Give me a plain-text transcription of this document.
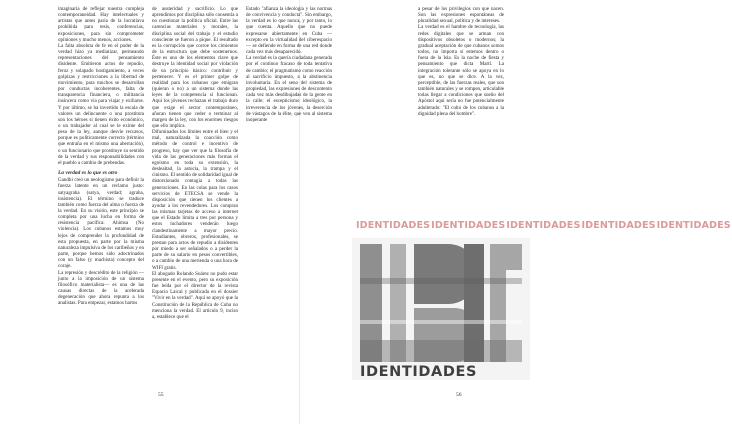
imaginaria de reflejar nuestra compleja contemporaneidad. Hay intelectuales y artistas que antes paria de la lucratiava prohibida para tesis, conferencias, exposiciones, para sin comprometer opiniones y mucho menos, acciones.

La falta absoluta de fe en el poder de la verdad hizo ya mediatizar, permeando representaciones del pensamiento disidente. Emitieron actos de repudio, feroz y solapado hostigamiento, a veces golpizas y restricciones a la libertad de movimiento, para muchos se desarrollan por conductas incoherentes, falta de transparencia financiera, o militancia insincera como vía para viajar y exiliarse. Y por último, se ha invertido la escala de valores un delincuente o una prostituta son los héroes si tienen éxito económico, o un trabajador al cual se le exime del peso de la ley, aunque desvíe recursos, porque es políticamente correcto (término que entraña en el mismo una aberración), o un funcionario que prostituye su sentido de la verdad y sus responsabilidades con el pueblo a cambio de prebendas.

La verdad es lo que es otro

Gandhi creó un neologismo para definir la fuerza latente en un reclamo justo: satyagraha (satya, verdad; agraha, insistencia). El término se traduce también como fuerza del alma o fuerza de la verdad. En su visión, este principio se completa por una lucha en forma de resistencia pacífica: Ahimsa (No violencia). Los cubanos estamos muy lejos de comprender la profundidad de esta propuesta, en parte por la misma naturaleza impulsiva de los caribeños y en parte, porque hemos sido adoctrinados con un falso (y machista) concepto del coraje.

La represión y descrédito de la religión —junto a la imposición de un sistema filosófico materialista— es una de las causas directas de la acelerada degeneración que ahora repunta a los analistas. Para empezar, estamos hartos

de austeridad y sacrificio. Lo que aprendimos por disciplina sólo consentía a no cuestionar la política oficial. Entre las carencias materiales y morales, la disciplina social del trabajo y el estudio consciente se fueron a pique. El resultado es la corrupción que corroe los cimientos de la estructura que debe sostenernos. Éste es uno de los elementos clave que destruye la identidad social por violación de un principio básico: contribuir y pertenecer. Y es el primer golpe de realidad para los cubanos que emigran (quieran o no) a un sistema donde las leyes de la competencia sí funcionan. Aquí los jóvenes rechazan el trabajo duro que exige el sector contemporáneo, añoran tienen que ceder o terminar al margen de la ley, con los enormes riesgos que ello implica.

Difuminados los límites entre el bien y el mal, naturalizada la coacción como método de control e incentivo de progreso, hay que ver que la filosofía de vida de las generaciones más formas el egoísmo en toda su extensión, la deslealtad, la astucia, la trampa y el cinismo. El sentido de solidaridad igual de distorsionado contagia a todas las generaciones. En las colas para los casos servicios de ETECSA se vende la disposición que tienen los clientes a ayudar a los revendedores. Los compran las mismas tarjetas de acceso a internet que el Estado limita a tres por persona y estos luchadores venderán luego clandestinamente a mayor precio. Estudiantes, obreros, profesionales, se prestan para actos de repudio a disidentes por miedo a ser señalados o a perder la parte de su salario en pesos convertibles, o a cambio de una merienda o una hora de WIFI gratis.

El abogado Rolando Suárez no pudo estar presente en el evento, pero su exposición fue leída por el director de la revista Espacio Laical y publicada en el dossier "Vivir en la verdad". Aquí se apoyó que la Constitución de la República de Cuba no menciona la verdad. El artículo 9, inciso a, establece que el

Estado "afianza la ideología y las normas de convivencia y conducta". Sin embargo, la verdad es lo que nunca, y por tanto, lo que cuenta. Aquello que no puede expresarse abiertamente en Cuba —excepto en la virtualidad del ciberespacio— se defiende en forma de una red donde cada vez más desaparecido.

La verdad es la quería ciudadana generada por el continuo fracaso de toda tentativa de cambio; el pragmatismo como reacción al sacrificio impuesto, a la abstinencia involuntaria. En el seno del sistema de propiedad, las expresiones de descontento cada vez más desdibujadas de la gente en la calle; el escepticismo ideológico, la irreverencia de los jóvenes, la deserción de vástagos de la élite, que ven al sistema inoperante

55

a pesar de los privilegios con que nacen. Son las expresiones espontáneas de pluralidad sexual, política y de intereses.

La verdad es el hambre de tecnología, las redes digitales que se arman con dispositivos obsoletos o modernos; la gradual aceptación de que cubanos somos todos, no importa si estemos dentro o fuera de la Isla. Es la noche de fiesta y pensamiento que dicta Martí. La integración tolerante sólo se apoya en lo que es, no que se dice. A la vez, perceptible, de las fuerzas reales, que son también naturales y se rompen, articulable todas llegar a condiciones que sueño del Apóstol aquí sería no fue potencialmente adulterado: "El culto de los cubanos a la dignidad plena del hombre".

IDENTIDADESIDENTIDADESIDENTIDADESIDENTIDADESIDENTIDADES
IDENTIDADES
56
